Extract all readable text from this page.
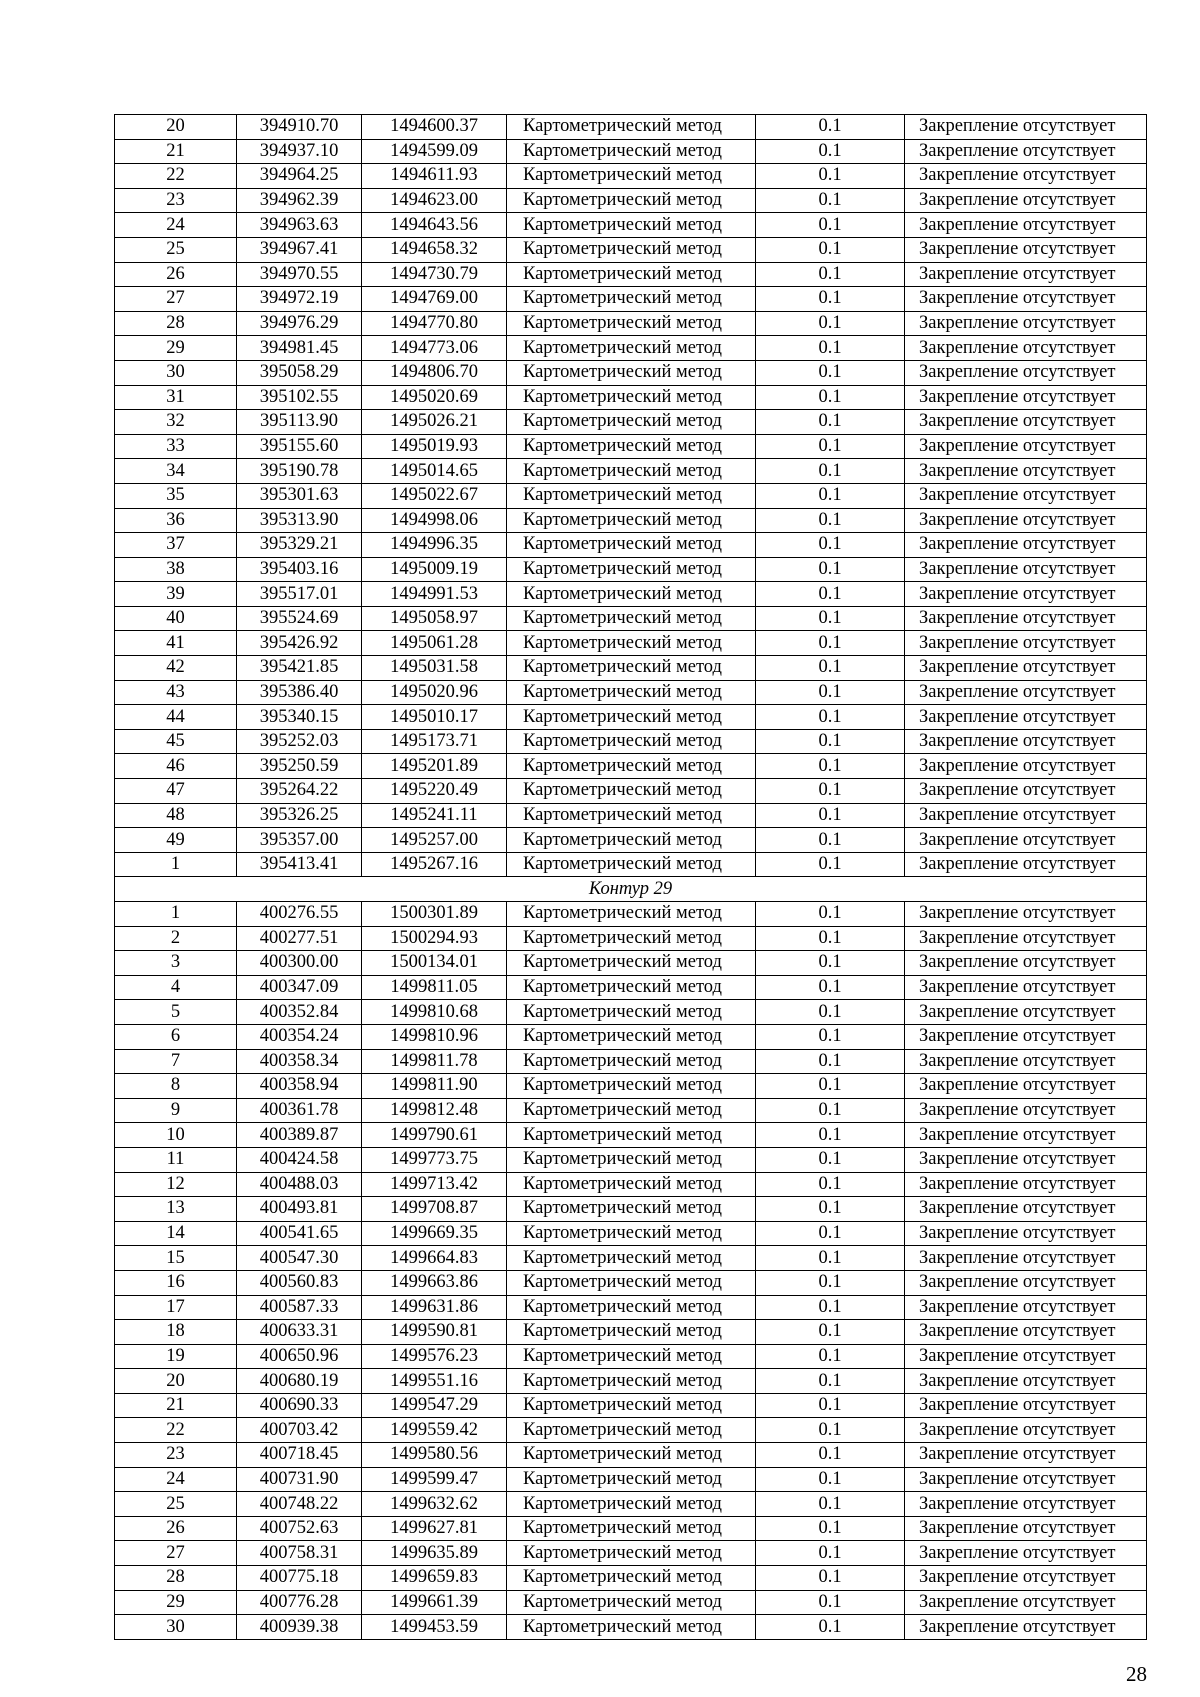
20	394910.70	1494600.37	Картометрический метод	0.1	Закрепление отсутствует
21	394937.10	1494599.09	Картометрический метод	0.1	Закрепление отсутствует
22	394964.25	1494611.93	Картометрический метод	0.1	Закрепление отсутствует
23	394962.39	1494623.00	Картометрический метод	0.1	Закрепление отсутствует
24	394963.63	1494643.56	Картометрический метод	0.1	Закрепление отсутствует
25	394967.41	1494658.32	Картометрический метод	0.1	Закрепление отсутствует
26	394970.55	1494730.79	Картометрический метод	0.1	Закрепление отсутствует
27	394972.19	1494769.00	Картометрический метод	0.1	Закрепление отсутствует
28	394976.29	1494770.80	Картометрический метод	0.1	Закрепление отсутствует
29	394981.45	1494773.06	Картометрический метод	0.1	Закрепление отсутствует
30	395058.29	1494806.70	Картометрический метод	0.1	Закрепление отсутствует
31	395102.55	1495020.69	Картометрический метод	0.1	Закрепление отсутствует
32	395113.90	1495026.21	Картометрический метод	0.1	Закрепление отсутствует
33	395155.60	1495019.93	Картометрический метод	0.1	Закрепление отсутствует
34	395190.78	1495014.65	Картометрический метод	0.1	Закрепление отсутствует
35	395301.63	1495022.67	Картометрический метод	0.1	Закрепление отсутствует
36	395313.90	1494998.06	Картометрический метод	0.1	Закрепление отсутствует
37	395329.21	1494996.35	Картометрический метод	0.1	Закрепление отсутствует
38	395403.16	1495009.19	Картометрический метод	0.1	Закрепление отсутствует
39	395517.01	1494991.53	Картометрический метод	0.1	Закрепление отсутствует
40	395524.69	1495058.97	Картометрический метод	0.1	Закрепление отсутствует
41	395426.92	1495061.28	Картометрический метод	0.1	Закрепление отсутствует
42	395421.85	1495031.58	Картометрический метод	0.1	Закрепление отсутствует
43	395386.40	1495020.96	Картометрический метод	0.1	Закрепление отсутствует
44	395340.15	1495010.17	Картометрический метод	0.1	Закрепление отсутствует
45	395252.03	1495173.71	Картометрический метод	0.1	Закрепление отсутствует
46	395250.59	1495201.89	Картометрический метод	0.1	Закрепление отсутствует
47	395264.22	1495220.49	Картометрический метод	0.1	Закрепление отсутствует
48	395326.25	1495241.11	Картометрический метод	0.1	Закрепление отсутствует
49	395357.00	1495257.00	Картометрический метод	0.1	Закрепление отсутствует
1	395413.41	1495267.16	Картометрический метод	0.1	Закрепление отсутствует
Контур 29					
1	400276.55	1500301.89	Картометрический метод	0.1	Закрепление отсутствует
2	400277.51	1500294.93	Картометрический метод	0.1	Закрепление отсутствует
3	400300.00	1500134.01	Картометрический метод	0.1	Закрепление отсутствует
4	400347.09	1499811.05	Картометрический метод	0.1	Закрепление отсутствует
5	400352.84	1499810.68	Картометрический метод	0.1	Закрепление отсутствует
6	400354.24	1499810.96	Картометрический метод	0.1	Закрепление отсутствует
7	400358.34	1499811.78	Картометрический метод	0.1	Закрепление отсутствует
8	400358.94	1499811.90	Картометрический метод	0.1	Закрепление отсутствует
9	400361.78	1499812.48	Картометрический метод	0.1	Закрепление отсутствует
10	400389.87	1499790.61	Картометрический метод	0.1	Закрепление отсутствует
11	400424.58	1499773.75	Картометрический метод	0.1	Закрепление отсутствует
12	400488.03	1499713.42	Картометрический метод	0.1	Закрепление отсутствует
13	400493.81	1499708.87	Картометрический метод	0.1	Закрепление отсутствует
14	400541.65	1499669.35	Картометрический метод	0.1	Закрепление отсутствует
15	400547.30	1499664.83	Картометрический метод	0.1	Закрепление отсутствует
16	400560.83	1499663.86	Картометрический метод	0.1	Закрепление отсутствует
17	400587.33	1499631.86	Картометрический метод	0.1	Закрепление отсутствует
18	400633.31	1499590.81	Картометрический метод	0.1	Закрепление отсутствует
19	400650.96	1499576.23	Картометрический метод	0.1	Закрепление отсутствует
20	400680.19	1499551.16	Картометрический метод	0.1	Закрепление отсутствует
21	400690.33	1499547.29	Картометрический метод	0.1	Закрепление отсутствует
22	400703.42	1499559.42	Картометрический метод	0.1	Закрепление отсутствует
23	400718.45	1499580.56	Картометрический метод	0.1	Закрепление отсутствует
24	400731.90	1499599.47	Картометрический метод	0.1	Закрепление отсутствует
25	400748.22	1499632.62	Картометрический метод	0.1	Закрепление отсутствует
26	400752.63	1499627.81	Картометрический метод	0.1	Закрепление отсутствует
27	400758.31	1499635.89	Картометрический метод	0.1	Закрепление отсутствует
28	400775.18	1499659.83	Картометрический метод	0.1	Закрепление отсутствует
29	400776.28	1499661.39	Картометрический метод	0.1	Закрепление отсутствует
30	400939.38	1499453.59	Картометрический метод	0.1	Закрепление отсутствует
28
